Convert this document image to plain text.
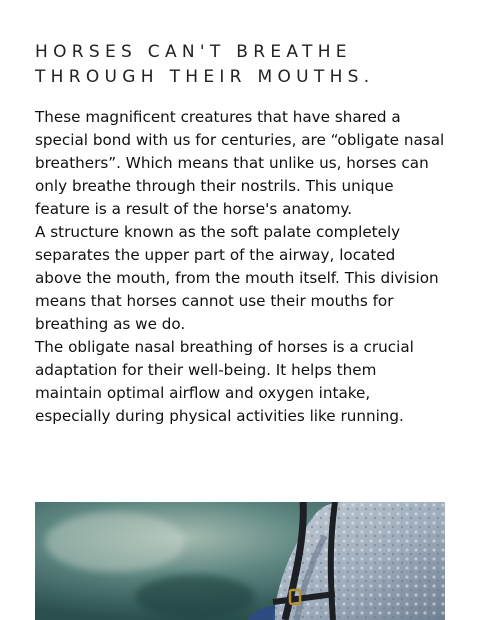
HORSES CAN'T BREATHE
THROUGH THEIR MOUTHS.

These magnificent creatures that have shared a special bond with us for centuries, are “obligate nasal breathers”. Which means that unlike us, horses can only breathe through their nostrils. This unique feature is a result of the horse's anatomy.

A structure known as the soft palate completely separates the upper part of the airway, located above the mouth, from the mouth itself. This division means that horses cannot use their mouths for breathing as we do.

The obligate nasal breathing of horses is a crucial adaptation for their well-being. It helps them maintain optimal airflow and oxygen intake, especially during physical activities like running.
